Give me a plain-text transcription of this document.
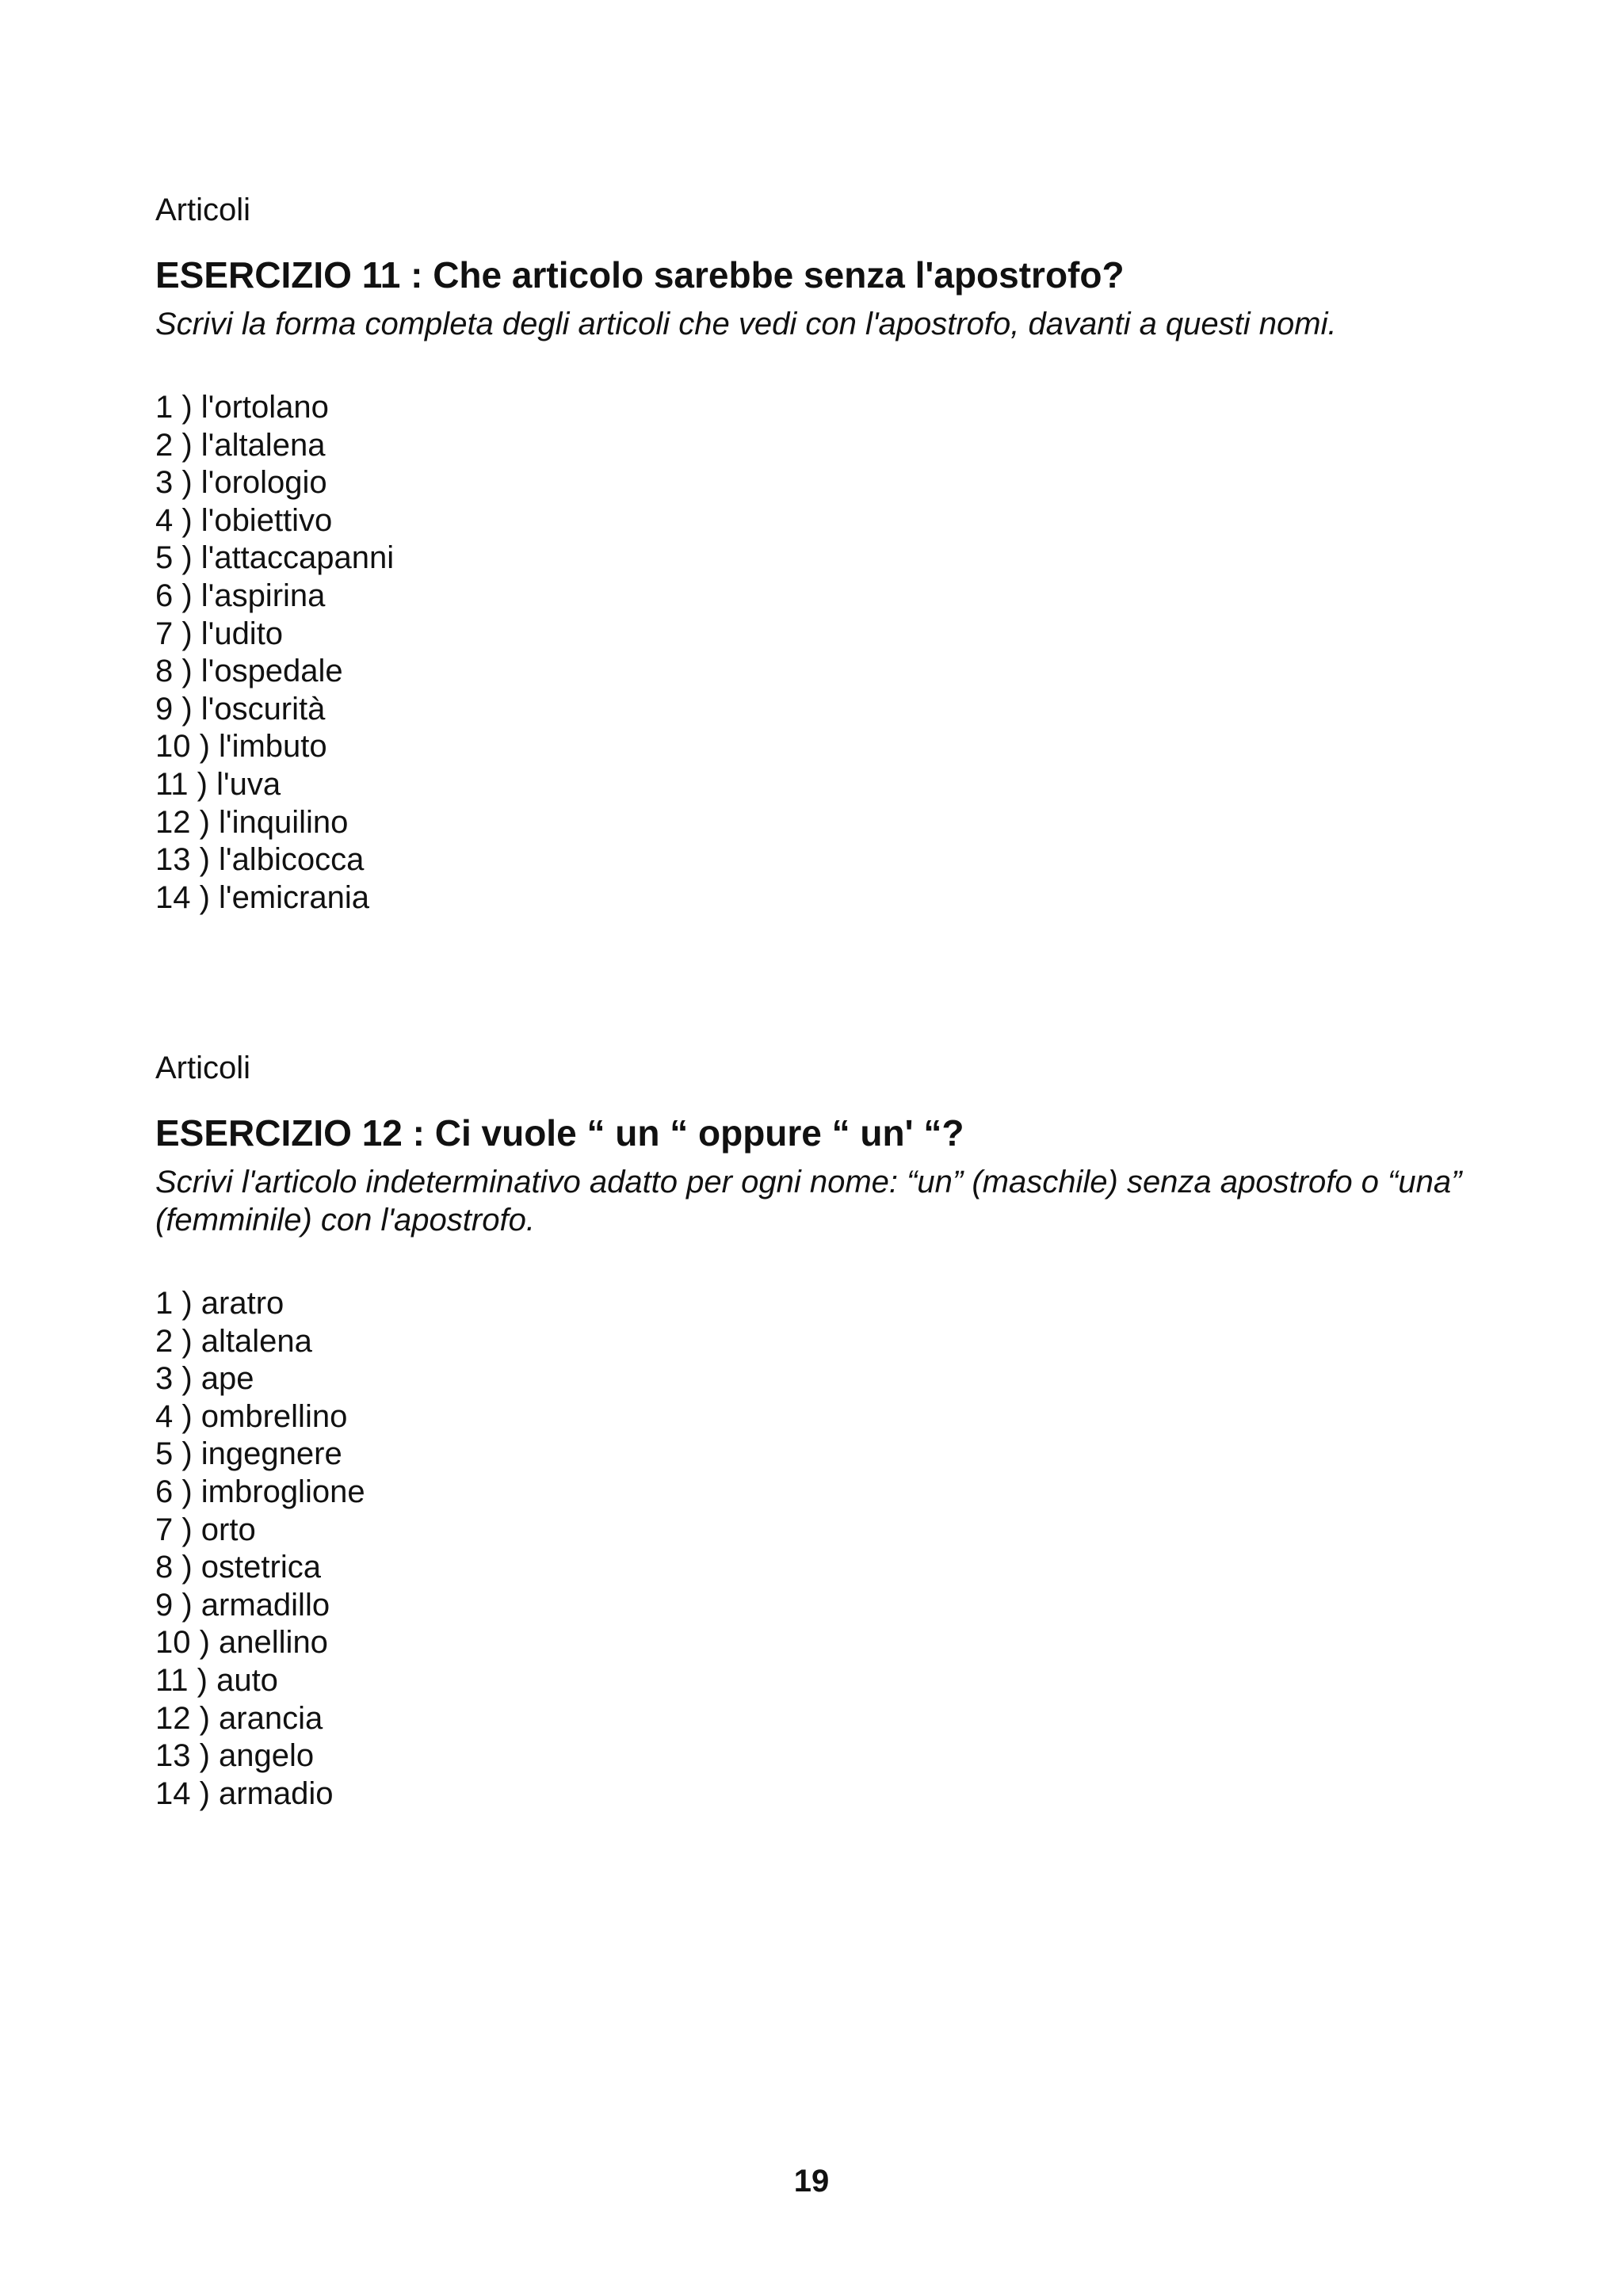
Articoli

ESERCIZIO 11 : Che articolo sarebbe senza l'apostrofo?

Scrivi la forma completa degli articoli che vedi con l'apostrofo, davanti a questi nomi.

1 ) l'ortolano
2 ) l'altalena
3 ) l'orologio
4 ) l'obiettivo
5 ) l'attaccapanni
6 ) l'aspirina
7 ) l'udito
8 ) l'ospedale
9 ) l'oscurità
10 ) l'imbuto
11 ) l'uva
12 ) l'inquilino
13 ) l'albicocca
14 ) l'emicrania

Articoli

ESERCIZIO 12 : Ci vuole “ un “ oppure “ un' “?

Scrivi l'articolo indeterminativo adatto per ogni nome: “un” (maschile) senza apostrofo o “una” (femminile) con l'apostrofo.

1 ) aratro
2 ) altalena
3 ) ape
4 ) ombrellino
5 ) ingegnere
6 ) imbroglione
7 ) orto
8 ) ostetrica
9 ) armadillo
10 ) anellino
11 ) auto
12 ) arancia
13 ) angelo
14 ) armadio
19
